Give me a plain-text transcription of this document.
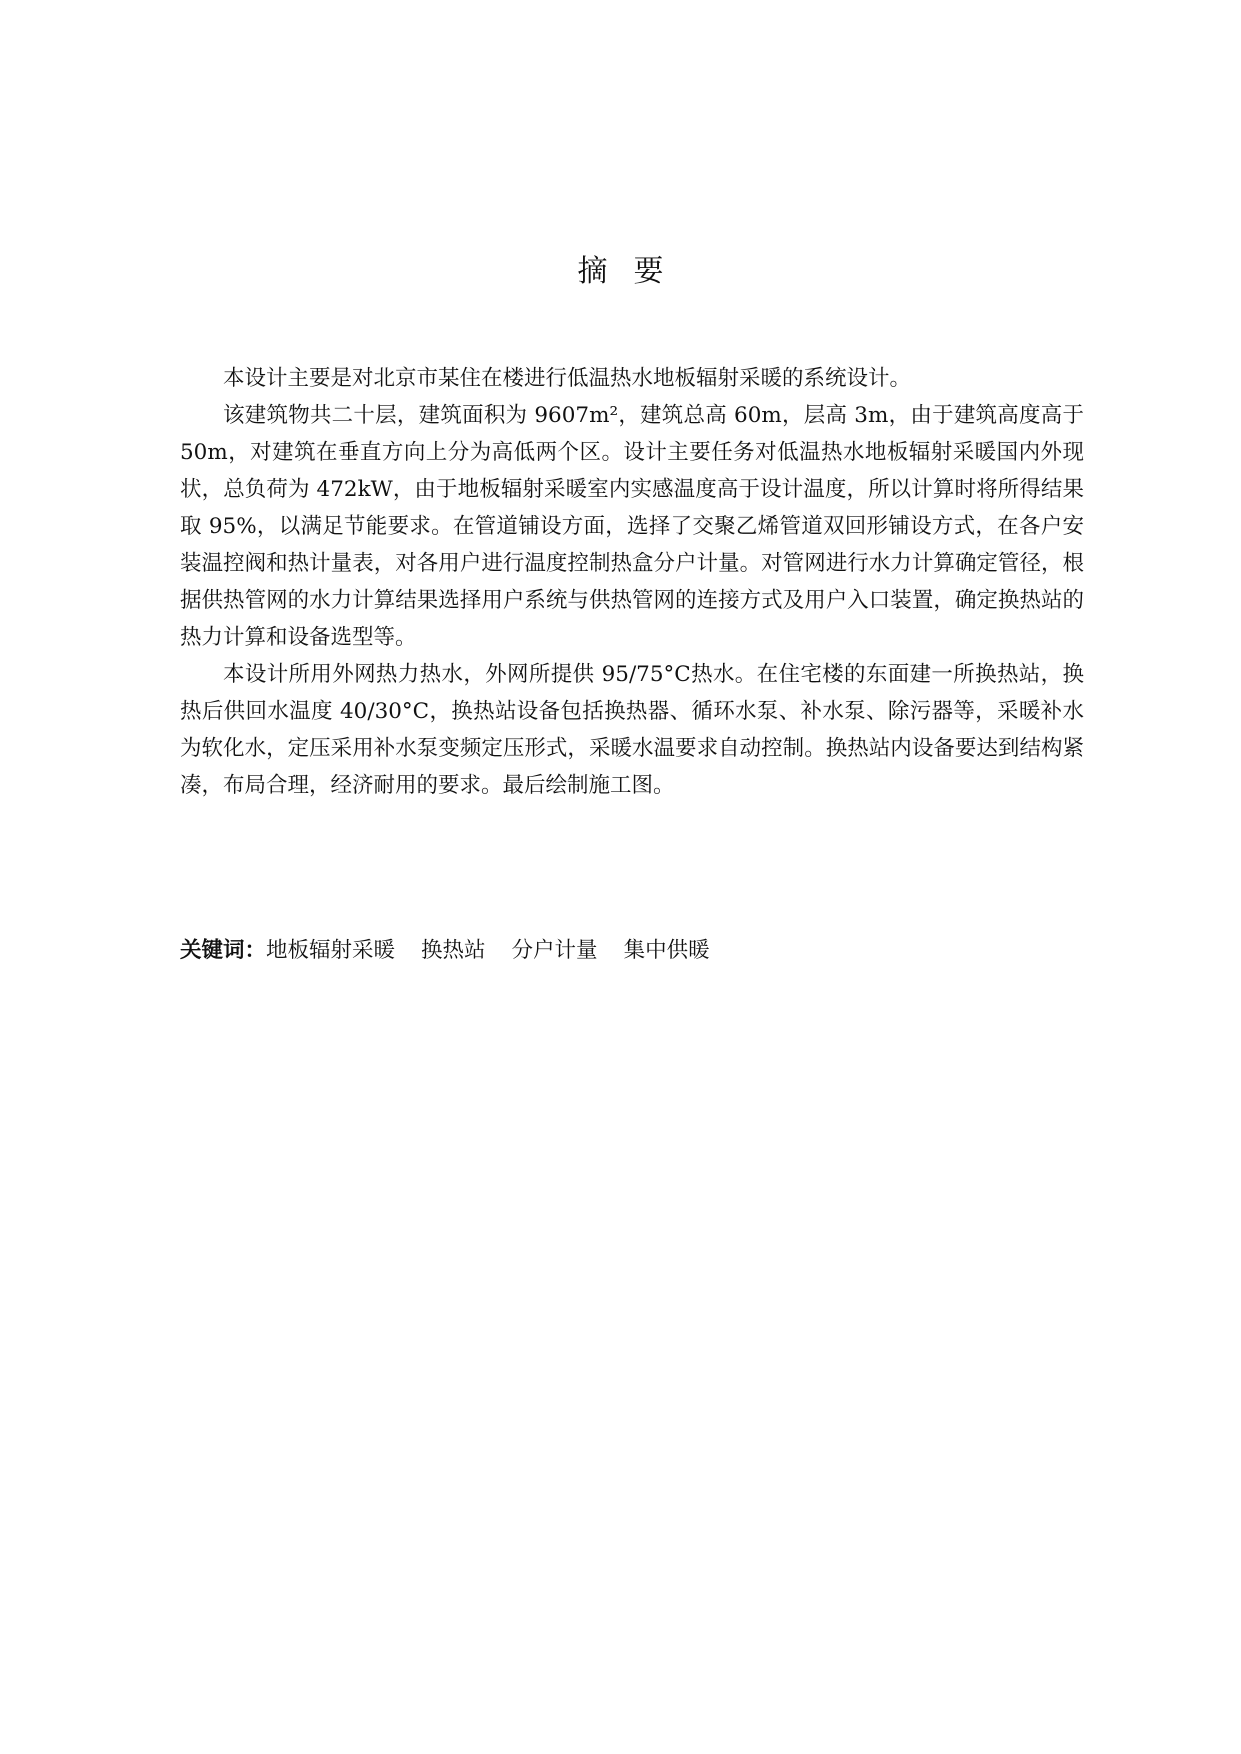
摘要

本设计主要是对北京市某住在楼进行低温热水地板辐射采暖的系统设计。

该建筑物共二十层，建筑面积为 9607m²，建筑总高 60m，层高 3m，由于建筑高度高于 50m，对建筑在垂直方向上分为高低两个区。设计主要任务对低温热水地板辐射采暖国内外现状，总负荷为 472kW，由于地板辐射采暖室内实感温度高于设计温度，所以计算时将所得结果取 95%，以满足节能要求。在管道铺设方面，选择了交聚乙烯管道双回形铺设方式，在各户安装温控阀和热计量表，对各用户进行温度控制热盒分户计量。对管网进行水力计算确定管径，根据供热管网的水力计算结果选择用户系统与供热管网的连接方式及用户入口装置，确定换热站的热力计算和设备选型等。

本设计所用外网热力热水，外网所提供 95/75°C热水。在住宅楼的东面建一所换热站，换热后供回水温度 40/30°C，换热站设备包括换热器、循环水泵、补水泵、除污器等，采暖补水为软化水，定压采用补水泵变频定压形式，采暖水温要求自动控制。换热站内设备要达到结构紧凑，布局合理，经济耐用的要求。最后绘制施工图。

关键词：地板辐射采暖 换热站 分户计量 集中供暖
